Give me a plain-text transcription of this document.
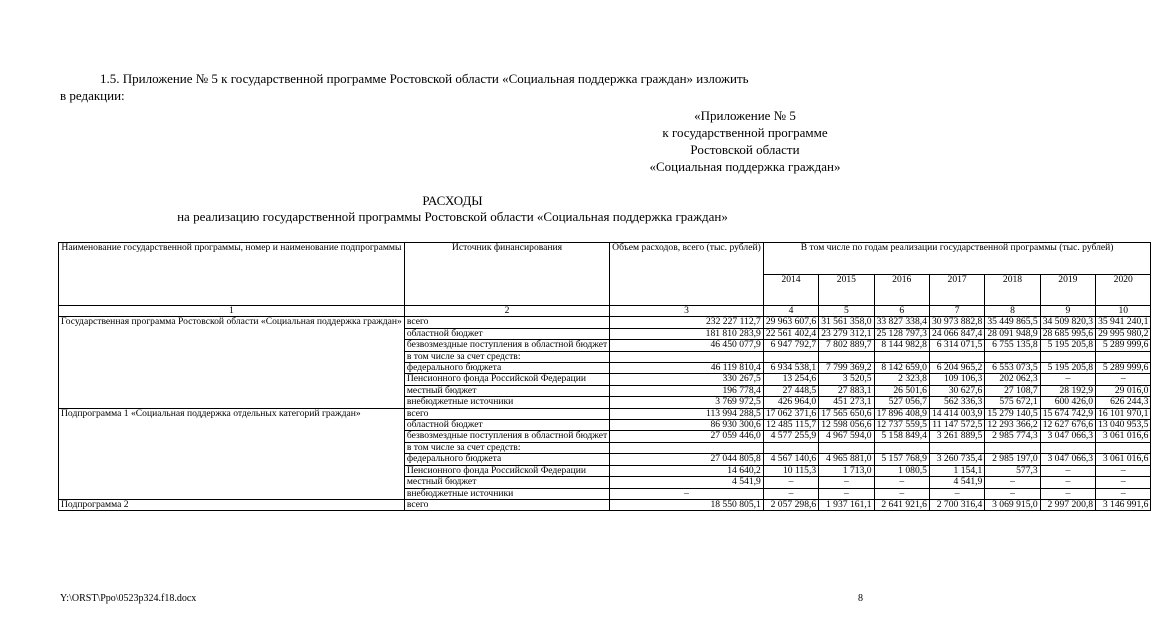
1.5. Приложение № 5 к государственной программе Ростовской области «Социальная поддержка граждан» изложить
в редакции:
«Приложение № 5
к государственной программе
Ростовской области
«Социальная поддержка граждан»
РАСХОДЫ
на реализацию государственной программы Ростовской области «Социальная поддержка граждан»
Наименование государственной программы, номер и наименование подпрограммы	Источник финансирования	Объем расходов, всего (тыс. рублей)	В том числе по годам реализации государственной программы (тыс. рублей)						
			2014	2015	2016	2017	2018	2019	2020
1	2	3	4	5	6	7	8	9	10
Государственная программа Ростовской области «Социальная поддержка граждан»	всего	232 227 112,7	29 963 607,6	31 561 358,0	33 827 338,4	30 973 882,8	35 449 865,5	34 509 820,3	35 941 240,1
	областной бюджет	181 810 283,9	22 561 402,4	23 279 312,1	25 128 797,3	24 066 847,4	28 091 948,9	28 685 995,6	29 995 980,2
	безвозмездные поступления в областной бюджет	46 450 077,9	6 947 792,7	7 802 889,7	8 144 982,8	6 314 071,5	6 755 135,8	5 195 205,8	5 289 999,6
	в том числе за счет средств:								
	федерального бюджета	46 119 810,4	6 934 538,1	7 799 369,2	8 142 659,0	6 204 965,2	6 553 073,5	5 195 205,8	5 289 999,6
	Пенсионного фонда Российской Федерации	330 267,5	13 254,6	3 520,5	2 323,8	109 106,3	202 062,3	–	–
	местный бюджет	196 778,4	27 448,5	27 883,1	26 501,6	30 627,6	27 108,7	28 192,9	29 016,0
	внебюджетные источники	3 769 972,5	426 964,0	451 273,1	527 056,7	562 336,3	575 672,1	600 426,0	626 244,3
Подпрограмма 1 «Социальная поддержка отдельных категорий граждан»	всего	113 994 288,5	17 062 371,6	17 565 650,6	17 896 408,9	14 414 003,9	15 279 140,5	15 674 742,9	16 101 970,1
	областной бюджет	86 930 300,6	12 485 115,7	12 598 056,6	12 737 559,5	11 147 572,5	12 293 366,2	12 627 676,6	13 040 953,5
	безвозмездные поступления в областной бюджет	27 059 446,0	4 577 255,9	4 967 594,0	5 158 849,4	3 261 889,5	2 985 774,3	3 047 066,3	3 061 016,6
	в том числе за счет средств:								
	федерального бюджета	27 044 805,8	4 567 140,6	4 965 881,0	5 157 768,9	3 260 735,4	2 985 197,0	3 047 066,3	3 061 016,6
	Пенсионного фонда Российской Федерации	14 640,2	10 115,3	1 713,0	1 080,5	1 154,1	577,3	–	–
	местный бюджет	4 541,9	–	–	–	4 541,9	–	–	–
	внебюджетные источники	–	–	–	–	–	–	–	–
Подпрограмма 2	всего	18 550 805,1	2 057 298,6	1 937 161,1	2 641 921,6	2 700 316,4	3 069 915,0	2 997 200,8	3 146 991,6
Y:\ORST\Ppo\0523p324.f18.docx	8
